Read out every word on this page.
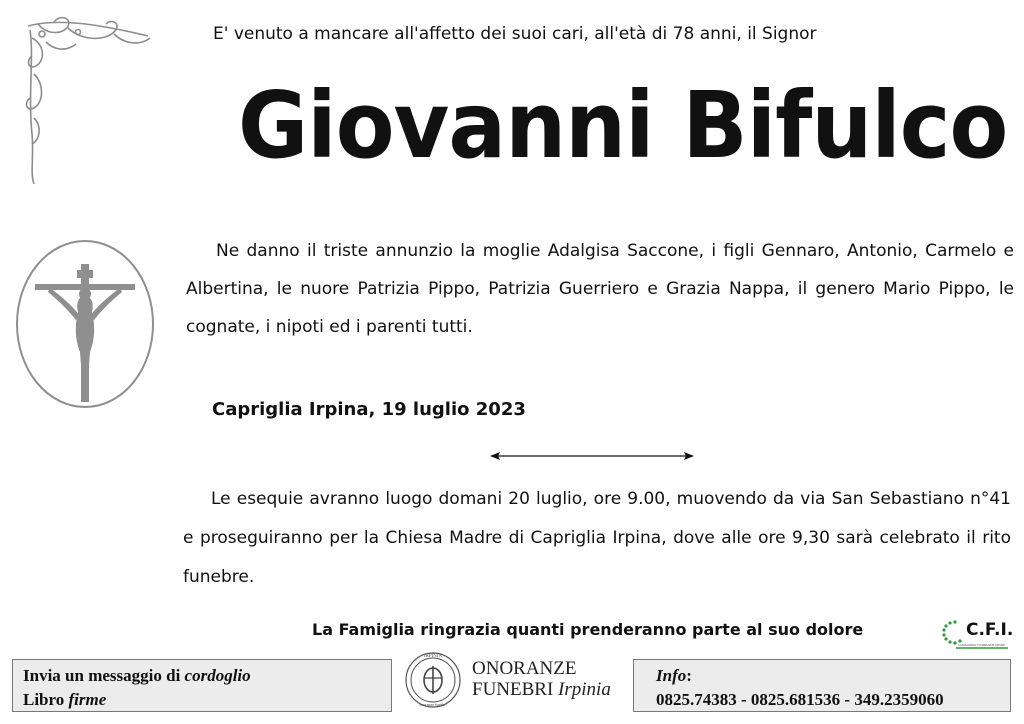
E' venuto a mancare all'affetto dei suoi cari, all'età di 78 anni, il Signor
Giovanni Bifulco
Ne danno il triste annunzio la moglie Adalgisa Saccone, i figli Gennaro, Antonio, Carmelo e Albertina, le nuore Patrizia Pippo, Patrizia Guerriero e Grazia Nappa, il genero Mario Pippo, le cognate, i nipoti ed i parenti tutti.
Capriglia Irpina, 19 luglio 2023
Le esequie avranno luogo domani 20 luglio, ore 9.00, muovendo da via San Sebastiano n°41 e proseguiranno per la Chiesa Madre di Capriglia Irpina, dove alle ore 9,30 sarà celebrato il rito funebre.
La Famiglia ringrazia quanti prenderanno parte al suo dolore	C.F.I.
CONSORZIO FUNERARIE IRPINE
Invia un messaggio di cordoglio
Libro firme
IRPINIA
onoranze funebri
ONORANZE
FUNEBRI Irpinia
Info:
0825.74383 - 0825.681536 - 349.2359060
